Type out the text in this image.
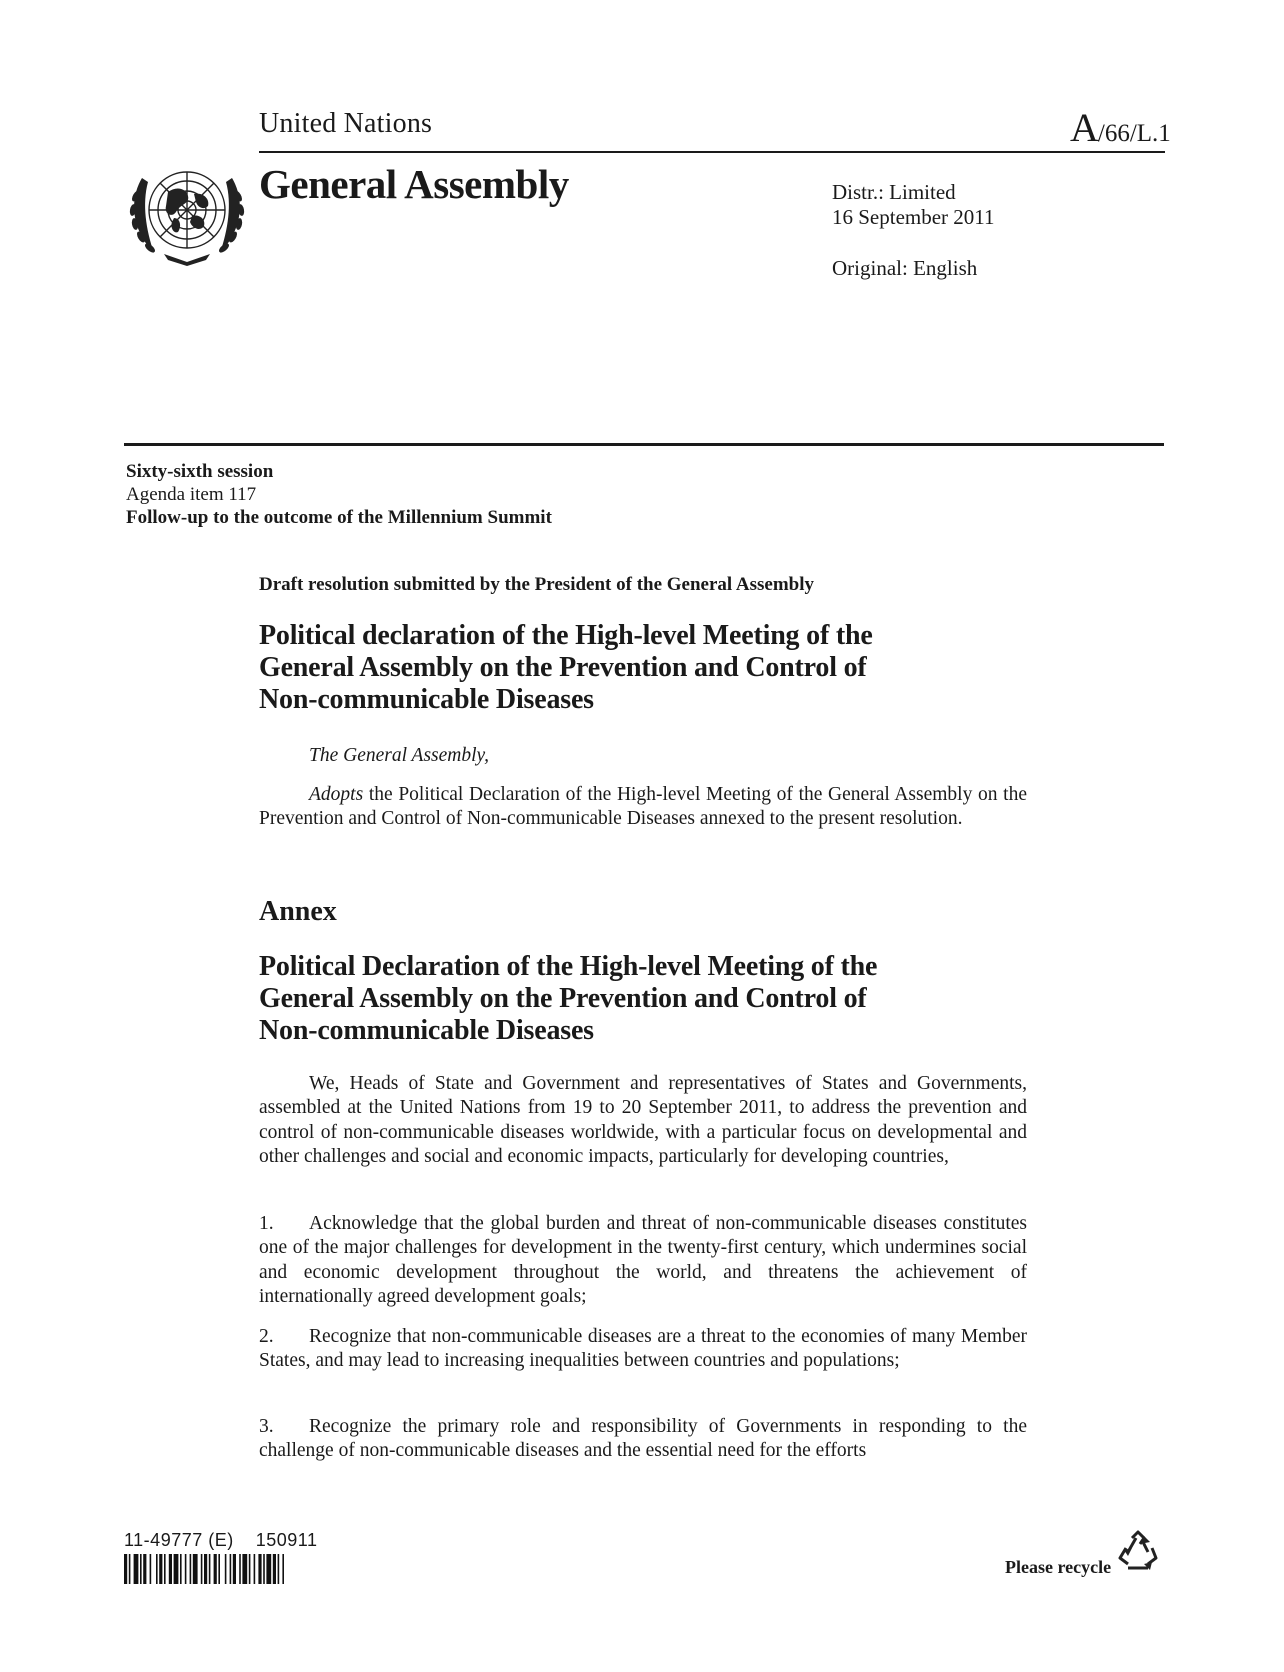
United Nations	A/66/L.1
General Assembly	Distr.: Limited
16 September 2011
Original: English
Sixty-sixth session
Agenda item 117
Follow-up to the outcome of the Millennium Summit
Draft resolution submitted by the President of the General Assembly
Political declaration of the High-level Meeting of the
General Assembly on the Prevention and Control of
Non-communicable Diseases
The General Assembly,
Adopts the Political Declaration of the High-level Meeting of the General Assembly on the Prevention and Control of Non-communicable Diseases annexed to the present resolution.
Annex
Political Declaration of the High-level Meeting of the
General Assembly on the Prevention and Control of
Non-communicable Diseases
We, Heads of State and Government and representatives of States and Governments, assembled at the United Nations from 19 to 20 September 2011, to address the prevention and control of non-communicable diseases worldwide, with a particular focus on developmental and other challenges and social and economic impacts, particularly for developing countries,
1. Acknowledge that the global burden and threat of non-communicable diseases constitutes one of the major challenges for development in the twenty-first century, which undermines social and economic development throughout the world, and threatens the achievement of internationally agreed development goals;
2. Recognize that non-communicable diseases are a threat to the economies of many Member States, and may lead to increasing inequalities between countries and populations;
3. Recognize the primary role and responsibility of Governments in responding to the challenge of non-communicable diseases and the essential need for the efforts
11-49777 (E)    150911
Please recycle
